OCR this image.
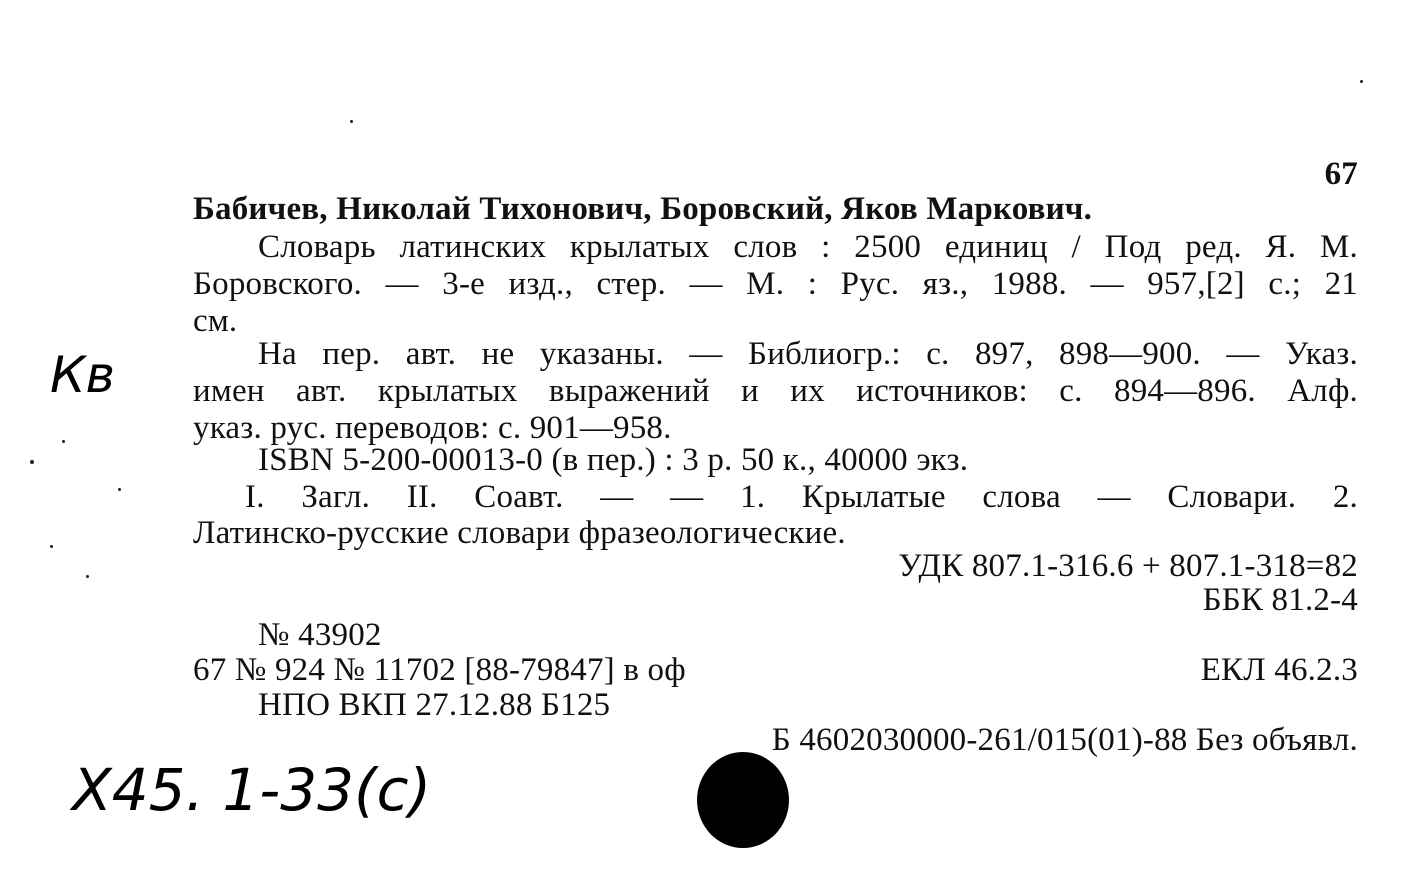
67
Бабичев, Николай Тихонович, Боровский, Яков Маркович.
Словарь латинских крылатых слов : 2500 единиц / Под ред. Я. М.
Боровского. — 3-е изд., стер. — М. : Рус. яз., 1988. — 957,[2] с.; 21
см.
На пер. авт. не указаны. — Библиогр.: с. 897, 898—900. — Указ.
имен авт. крылатых выражений и их источников: с. 894—896. Алф.
указ. рус. переводов: с. 901—958.
ISBN 5-200-00013-0 (в пер.) : 3 р. 50 к., 40000 экз.
I. Загл. II. Соавт. — — 1. Крылатые слова — Словари. 2.
Латинско-русские словари фразеологические.
УДК 807.1-316.6 + 807.1-318=82
ББК 81.2-4
№ 43902
67 № 924 № 11702 [88-79847] в оф	ЕКЛ 46.2.3
НПО ВКП 27.12.88 Б125
Б 4602030000-261/015(01)-88 Без объявл.
Кв
Х45. 1-33(с)
